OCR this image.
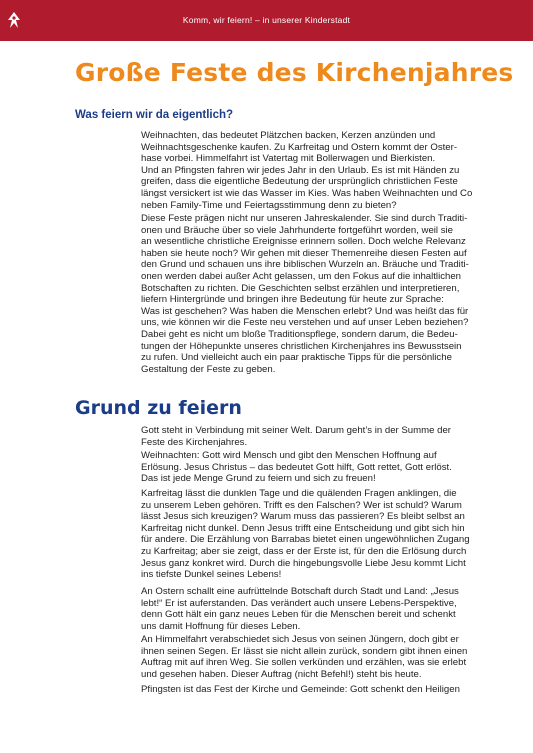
Komm, wir feiern! – in unserer Kinderstadt
Große Feste des Kirchenjahres
Was feiern wir da eigentlich?
Weihnachten, das bedeutet Plätzchen backen, Kerzen anzünden und
Weihnachtsgeschenke kaufen. Zu Karfreitag und Ostern kommt der Oster-
hase vorbei. Himmelfahrt ist Vatertag mit Bollerwagen und Bierkisten.
Und an Pfingsten fahren wir jedes Jahr in den Urlaub. Es ist mit Händen zu
greifen, dass die eigentliche Bedeutung der ursprünglich christlichen Feste
längst versickert ist wie das Wasser im Kies. Was haben Weihnachten und Co
neben Family-Time und Feiertagsstimmung denn zu bieten?
Diese Feste prägen nicht nur unseren Jahreskalender. Sie sind durch Traditi-
onen und Bräuche über so viele Jahrhunderte fortgeführt worden, weil sie
an wesentliche christliche Ereignisse erinnern sollen. Doch welche Relevanz
haben sie heute noch? Wir gehen mit dieser Themenreihe diesen Festen auf
den Grund und schauen uns ihre biblischen Wurzeln an. Bräuche und Traditi-
onen werden dabei außer Acht gelassen, um den Fokus auf die inhaltlichen
Botschaften zu richten. Die Geschichten selbst erzählen und interpretieren,
liefern Hintergründe und bringen ihre Bedeutung für heute zur Sprache:
Was ist geschehen? Was haben die Menschen erlebt? Und was heißt das für
uns, wie können wir die Feste neu verstehen und auf unser Leben beziehen?
Dabei geht es nicht um bloße Traditionspflege, sondern darum, die Bedeu-
tungen der Höhepunkte unseres christlichen Kirchenjahres ins Bewusstsein
zu rufen. Und vielleicht auch ein paar praktische Tipps für die persönliche
Gestaltung der Feste zu geben.
Grund zu feiern
Gott steht in Verbindung mit seiner Welt. Darum geht’s in der Summe der
Feste des Kirchenjahres.
Weihnachten: Gott wird Mensch und gibt den Menschen Hoffnung auf
Erlösung. Jesus Christus – das bedeutet Gott hilft, Gott rettet, Gott erlöst.
Das ist jede Menge Grund zu feiern und sich zu freuen!
Karfreitag lässt die dunklen Tage und die quälenden Fragen anklingen, die
zu unserem Leben gehören. Trifft es den Falschen? Wer ist schuld? Warum
lässt Jesus sich kreuzigen? Warum muss das passieren? Es bleibt selbst an
Karfreitag nicht dunkel. Denn Jesus trifft eine Entscheidung und gibt sich hin
für andere. Die Erzählung von Barrabas bietet einen ungewöhnlichen Zugang
zu Karfreitag; aber sie zeigt, dass er der Erste ist, für den die Erlösung durch
Jesus ganz konkret wird. Durch die hingebungsvolle Liebe Jesu kommt Licht
ins tiefste Dunkel seines Lebens!
An Ostern schallt eine aufrüttelnde Botschaft durch Stadt und Land: „Jesus
lebt!“ Er ist auferstanden. Das verändert auch unsere Lebens-Perspektive,
denn Gott hält ein ganz neues Leben für die Menschen bereit und schenkt
uns damit Hoffnung für dieses Leben.
An Himmelfahrt verabschiedet sich Jesus von seinen Jüngern, doch gibt er
ihnen seinen Segen. Er lässt sie nicht allein zurück, sondern gibt ihnen einen
Auftrag mit auf ihren Weg. Sie sollen verkünden und erzählen, was sie erlebt
und gesehen haben. Dieser Auftrag (nicht Befehl!) steht bis heute.
Pfingsten ist das Fest der Kirche und Gemeinde: Gott schenkt den Heiligen
